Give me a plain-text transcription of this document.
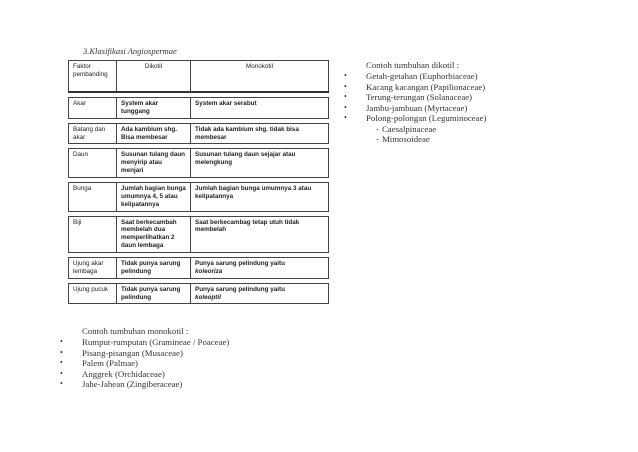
3.Klasifikasi Angiospermae
Faktor pembanding	Dikotil	Monokotil

Akar	System akar tunggang	System akar serabut

Batang dan akar	Ada kambium shg. Bisa membesar	Tidak ada kambium shg. tidak bisa membesar

Daun	Susunan tulang daun menyirip atau menjari	Susunan tulang daun sejajar atau melengkung

Bunga	Jumlah bagian bunga umumnya 4, 5 atau kelipatannya	Jumlah bagian bunga umumnya 3 atau kelipatannya

Biji	Saat berkecambah membelah dua memperlihatkan 2 daun lembaga	Saat berkecambag tetap utuh tidak membelah

Ujung akar lembaga	Tidak punya sarung pelindung	Punya sarung pelindung yaitu
koleoriza

Ujung pucuk	Tidak punya sarung pelindung	Punya sarung pelindung yaitu
koleoptil
Contoh tumbuhan monokotil :
• Rumput-rumputan (Gramineae / Poaceae)
• Pisang-pisangan (Musaceae)
• Palem (Palmae)
• Anggrek (Orchidaceae)
• Jahe-Jahean (Zingiberaceae)
Contoh tumbuhan dikotil :
• Getah-getahan (Euphorbiaceae)
• Kacang kacangan (Papilionaceae)
• Terung-terungan (Solanaceae)
• Jambu-jambuan (Myrtaceae)
• Polong-polongan (Leguminoceae)
- Caesalpinaceae
- Mimosoideae
